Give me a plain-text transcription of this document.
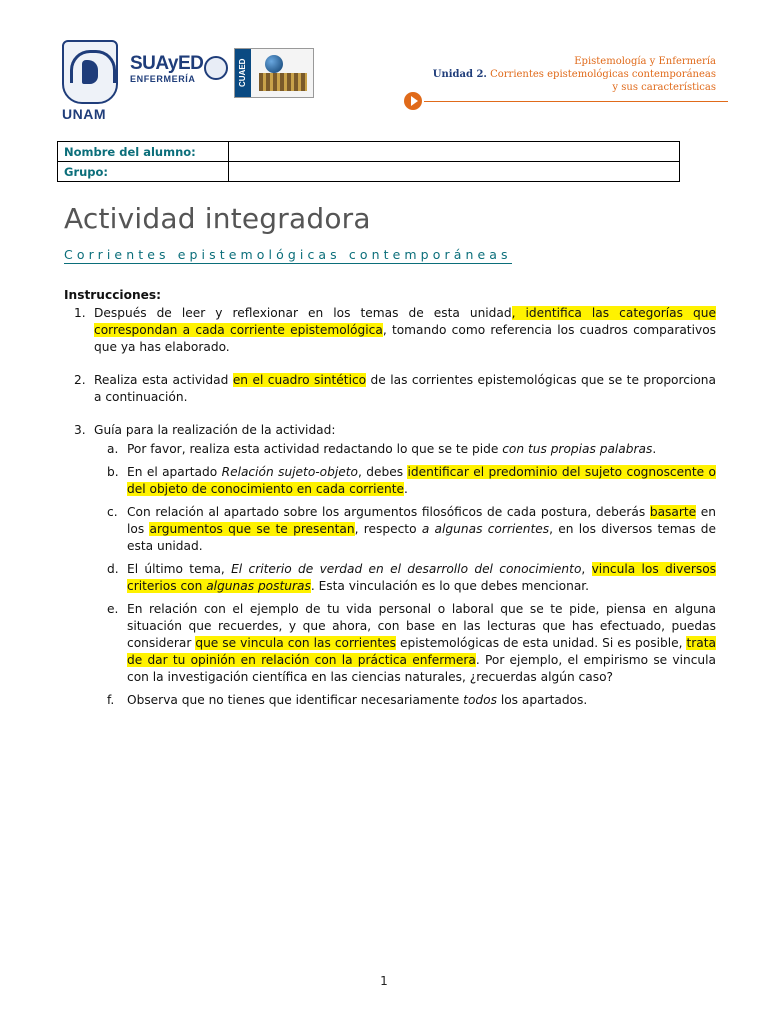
UNAM
SUAyED
ENFERMERÍA	CUAED	Epistemología y Enfermería
Unidad 2. Corrientes epistemológicas contemporáneas
y sus características
Nombre del alumno:	
Grupo:	
Actividad integradora
Corrientes epistemológicas contemporáneas
Instrucciones:
1. Después de leer y reflexionar en los temas de esta unidad, identifica las categorías que correspondan a cada corriente epistemológica, tomando como referencia los cuadros comparativos que ya has elaborado.
2. Realiza esta actividad en el cuadro sintético de las corrientes epistemológicas que se te proporciona a continuación.
3. Guía para la realización de la actividad:
a. Por favor, realiza esta actividad redactando lo que se te pide con tus propias palabras.
b. En el apartado Relación sujeto-objeto, debes identificar el predominio del sujeto cognoscente o del objeto de conocimiento en cada corriente.
c. Con relación al apartado sobre los argumentos filosóficos de cada postura, deberás basarte en los argumentos que se te presentan, respecto a algunas corrientes, en los diversos temas de esta unidad.
d. El último tema, El criterio de verdad en el desarrollo del conocimiento, vincula los diversos criterios con algunas posturas. Esta vinculación es lo que debes mencionar.
e. En relación con el ejemplo de tu vida personal o laboral que se te pide, piensa en alguna situación que recuerdes, y que ahora, con base en las lecturas que has efectuado, puedas considerar que se vincula con las corrientes epistemológicas de esta unidad. Si es posible, trata de dar tu opinión en relación con la práctica enfermera. Por ejemplo, el empirismo se vincula con la investigación científica en las ciencias naturales, ¿recuerdas algún caso?
f. Observa que no tienes que identificar necesariamente todos los apartados.
1
